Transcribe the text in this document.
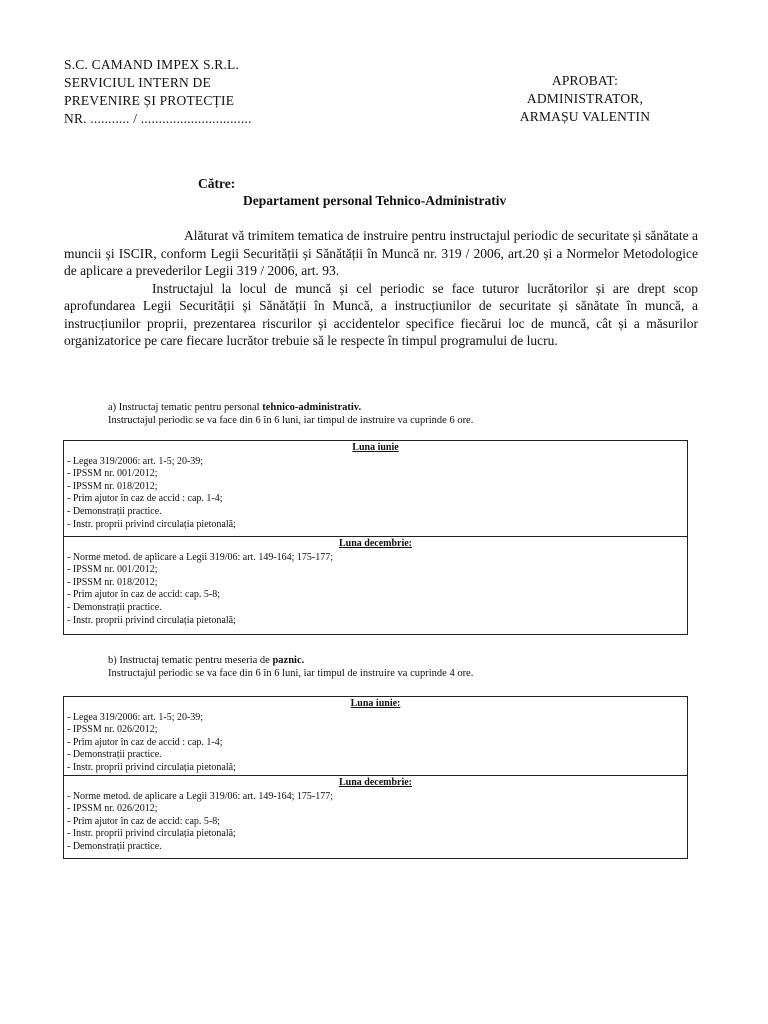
S.C. CAMAND IMPEX S.R.L.
SERVICIUL INTERN DE
PREVENIRE ȘI PROTECȚIE
NR. ........... / ...............................
APROBAT:
ADMINISTRATOR,
ARMAȘU VALENTIN
Către:
Departament personal Tehnico-Administrativ

Alăturat vă trimitem tematica de instruire pentru instructajul periodic de securitate și sănătate a muncii și ISCIR, conform Legii Securității și Sănătății în Muncă nr. 319 / 2006, art.20 și a Normelor Metodologice de aplicare a prevederilor Legii 319 / 2006, art. 93.

Instructajul la locul de muncă și cel periodic se face tuturor lucrătorilor și are drept scop aprofundarea Legii Securității și Sănătății în Muncă, a instrucțiunilor de securitate și sănătate în muncă, a instrucțiunilor proprii, prezentarea riscurilor și accidentelor specifice fiecărui loc de muncă, cât și a măsurilor organizatorice pe care fiecare lucrător trebuie să le respecte în timpul programului de lucru.

a) Instructaj tematic pentru personal tehnico-administrativ.
Instructajul periodic se va face din 6 în 6 luni, iar timpul de instruire va cuprinde 6 ore.
Luna iunie
- Legea 319/2006: art. 1-5; 20-39;
- IPSSM nr. 001/2012;
- IPSSM nr. 018/2012;
- Prim ajutor în caz de accid : cap. 1-4;
- Demonstrații practice.
- Instr. proprii privind circulația pietonală;
Luna decembrie:
- Norme metod. de aplicare a Legii 319/06: art. 149-164; 175-177;
- IPSSM nr. 001/2012;
- IPSSM nr. 018/2012;
- Prim ajutor în caz de accid: cap. 5-8;
- Demonstrații practice.
- Instr. proprii privind circulația pietonală;
b) Instructaj tematic pentru meseria de paznic.
Instructajul periodic se va face din 6 în 6 luni, iar timpul de instruire va cuprinde 4 ore.
Luna iunie:
- Legea 319/2006: art. 1-5; 20-39;
- IPSSM nr. 026/2012;
- Prim ajutor în caz de accid : cap. 1-4;
- Demonstrații practice.
- Instr. proprii privind circulația pietonală;
Luna decembrie:
- Norme metod. de aplicare a Legii 319/06: art. 149-164; 175-177;
- IPSSM nr. 026/2012;
- Prim ajutor în caz de accid: cap. 5-8;
- Instr. proprii privind circulația pietonală;
- Demonstrații practice.
